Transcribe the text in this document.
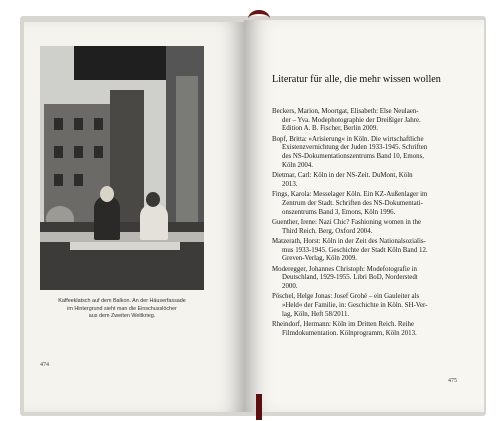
Kaffeeklatsch auf dem Balkon. An der Häuserfassade
im Hintergrund sieht man die Einschusslöcher
aus dem Zweiten Weltkrieg.
474
Literatur für alle, die mehr wissen wollen
Beckers, Marion, Moortgat, Elisabeth: Else Neulaen-
der – Yva. Modephotographie der Dreißiger Jahre.
Edition A. B. Fischer, Berlin 2009.
Bopf, Britta: »Arisierung« in Köln. Die wirtschaftliche
Existenzvernichtung der Juden 1933-1945. Schriften
des NS-Dokumentationszentrums Band 10, Emons,
Köln 2004.
Dietmar, Carl: Köln in der NS-Zeit. DuMont, Köln
2013.
Fings, Karola: Messelager Köln. Ein KZ-Außenlager im
Zentrum der Stadt. Schriften des NS-Dokumentati-
onszentrums Band 3, Emons, Köln 1996.
Guenther, Irene: Nazi Chic? Fashioning women in the
Third Reich. Berg, Oxford 2004.
Matzerath, Horst: Köln in der Zeit des Nationalsozialis-
mus 1933-1945. Geschichte der Stadt Köln Band 12.
Greven-Verlag, Köln 2009.
Moderegger, Johannes Christoph: Modefotografie in
Deutschland, 1929-1955. Libri BoD, Norderstedt
2000.
Pöschel, Helge Jonas: Josef Grohé – ein Gauleiter als
»Held« der Familie, in: Geschichte in Köln. SH-Ver-
lag, Köln, Heft 58/2011.
Rheindorf, Hermann: Köln im Dritten Reich. Reihe
Filmdokumentation. Kölnprogramm, Köln 2013.
475
